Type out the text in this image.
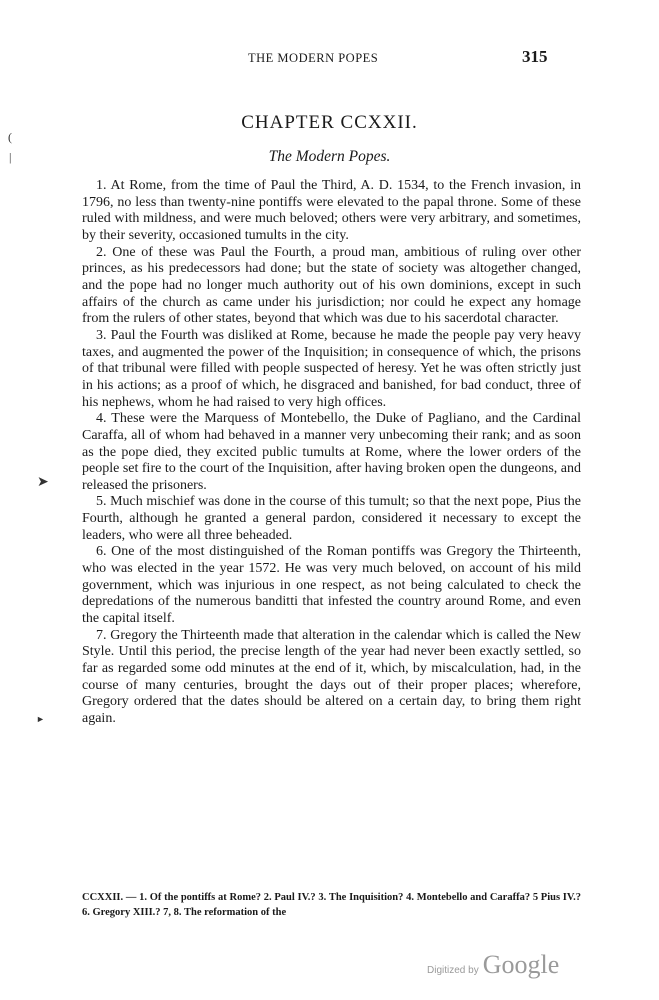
THE MODERN POPES	315
CHAPTER CCXXII.
The Modern Popes.

1. At Rome, from the time of Paul the Third, A. D. 1534, to the French invasion, in 1796, no less than twenty-nine pontiffs were elevated to the papal throne. Some of these ruled with mildness, and were much beloved; others were very arbitrary, and sometimes, by their severity, occasioned tumults in the city.

2. One of these was Paul the Fourth, a proud man, ambitious of ruling over other princes, as his predecessors had done; but the state of society was altogether changed, and the pope had no longer much authority out of his own dominions, except in such affairs of the church as came under his jurisdiction; nor could he expect any homage from the rulers of other states, beyond that which was due to his sacerdotal character.

3. Paul the Fourth was disliked at Rome, because he made the people pay very heavy taxes, and augmented the power of the Inquisition; in consequence of which, the prisons of that tribunal were filled with people suspected of heresy. Yet he was often strictly just in his actions; as a proof of which, he disgraced and banished, for bad conduct, three of his nephews, whom he had raised to very high offices.

4. These were the Marquess of Montebello, the Duke of Pagliano, and the Cardinal Caraffa, all of whom had behaved in a manner very unbecoming their rank; and as soon as the pope died, they excited public tumults at Rome, where the lower orders of the people set fire to the court of the Inquisition, after having broken open the dungeons, and released the prisoners.

5. Much mischief was done in the course of this tumult; so that the next pope, Pius the Fourth, although he granted a general pardon, considered it necessary to except the leaders, who were all three beheaded.

6. One of the most distinguished of the Roman pontiffs was Gregory the Thirteenth, who was elected in the year 1572. He was very much beloved, on account of his mild government, which was injurious in one respect, as not being calculated to check the depredations of the numerous banditti that infested the country around Rome, and even the capital itself.

7. Gregory the Thirteenth made that alteration in the calendar which is called the New Style. Until this period, the precise length of the year had never been exactly settled, so far as regarded some odd minutes at the end of it, which, by miscalculation, had, in the course of many centuries, brought the days out of their proper places; wherefore, Gregory ordered that the dates should be altered on a certain day, to bring them right again.

CCXXII. — 1. Of the pontiffs at Rome? 2. Paul IV.? 3. The Inquisition? 4. Montebello and Caraffa? 5 Pius IV.? 6. Gregory XIII.? 7, 8. The reformation of the
(
|
➤
►
Digitized by Google
